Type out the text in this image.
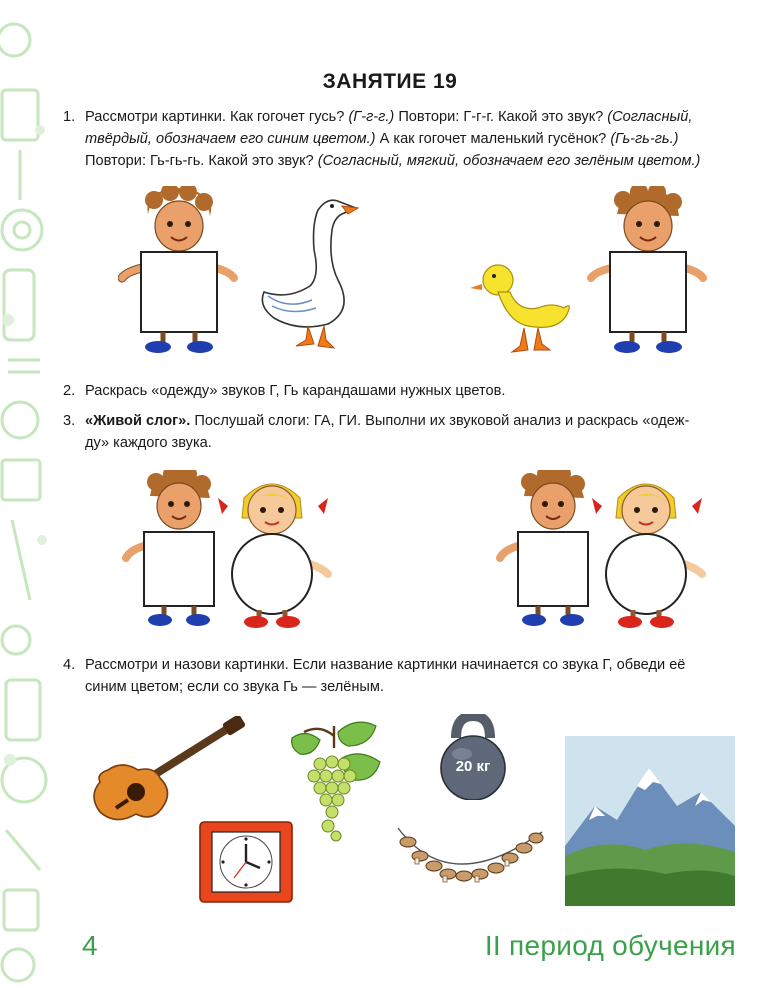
ЗАНЯТИЕ 19
1. Рассмотри картинки. Как гогочет гусь? (Г-г-г.) Повтори: Г-г-г. Какой это звук? (Согласный,

твёрдый, обозначаем его синим цветом.) А как гогочет маленький гусёнок? (Гь-гь-гь.)

Повтори: Гь-гь-гь. Какой это звук? (Согласный, мягкий, обозначаем его зелёным цветом.)

2. Раскрась «одежду» звуков Г, Гь карандашами нужных цветов.

3. «Живой слог». Послушай слоги: ГА, ГИ. Выполни их звуковой анализ и раскрась «одеж-

ду» каждого звука.

4. Рассмотри и назови картинки. Если название картинки начинается со звука Г, обведи её

синим цветом; если со звука Гь — зелёным.

20 кг
4	II период обучения
